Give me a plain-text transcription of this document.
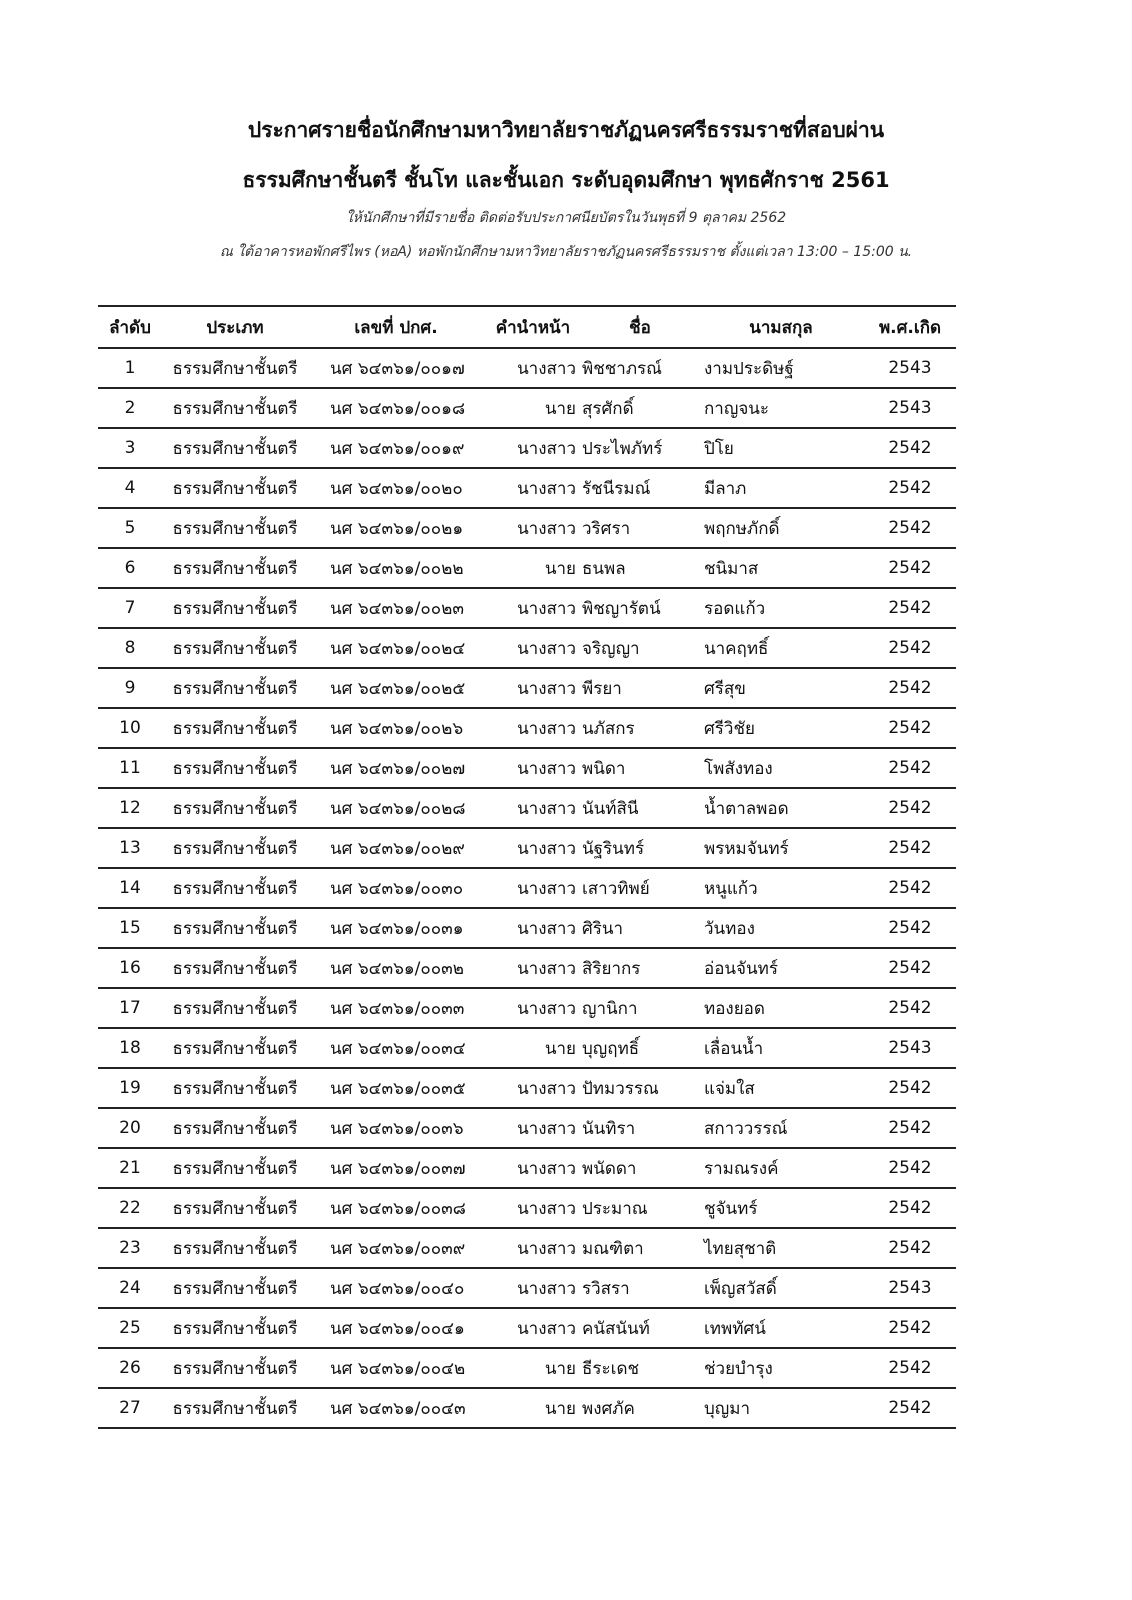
ประกาศรายชื่อนักศึกษามหาวิทยาลัยราชภัฏนครศรีธรรมราชที่สอบผ่าน
ธรรมศึกษาชั้นตรี ชั้นโท และชั้นเอก ระดับอุดมศึกษา พุทธศักราช 2561
ให้นักศึกษาที่มีรายชื่อ ติดต่อรับประกาศนียบัตรในวันพุธที่ 9 ตุลาคม 2562
ณ ใต้อาคารหอพักศรีไพร (หอA) หอพักนักศึกษามหาวิทยาลัยราชภัฏนครศรีธรรมราช ตั้งแต่เวลา 13:00 – 15:00 น.
ลำดับ	ประเภท	เลขที่ ปกศ.	คำนำหน้า	ชื่อ	นามสกุล	พ.ศ.เกิด
1	ธรรมศึกษาชั้นตรี	นศ ๖๔๓๖๑/๐๐๑๗	นางสาว พิชชาภรณ์	งามประดิษฐ์	2543
2	ธรรมศึกษาชั้นตรี	นศ ๖๔๓๖๑/๐๐๑๘	นาย สุรศักดิ์	กาญจนะ	2543
3	ธรรมศึกษาชั้นตรี	นศ ๖๔๓๖๑/๐๐๑๙	นางสาว ประไพภัทร์	ปิโย	2542
4	ธรรมศึกษาชั้นตรี	นศ ๖๔๓๖๑/๐๐๒๐	นางสาว รัชนีรมณ์	มีลาภ	2542
5	ธรรมศึกษาชั้นตรี	นศ ๖๔๓๖๑/๐๐๒๑	นางสาว วริศรา	พฤกษภักดิ์	2542
6	ธรรมศึกษาชั้นตรี	นศ ๖๔๓๖๑/๐๐๒๒	นาย ธนพล	ชนิมาส	2542
7	ธรรมศึกษาชั้นตรี	นศ ๖๔๓๖๑/๐๐๒๓	นางสาว พิชญารัตน์	รอดแก้ว	2542
8	ธรรมศึกษาชั้นตรี	นศ ๖๔๓๖๑/๐๐๒๔	นางสาว จริญญา	นาคฤทธิ์	2542
9	ธรรมศึกษาชั้นตรี	นศ ๖๔๓๖๑/๐๐๒๕	นางสาว พีรยา	ศรีสุข	2542
10	ธรรมศึกษาชั้นตรี	นศ ๖๔๓๖๑/๐๐๒๖	นางสาว นภัสกร	ศรีวิชัย	2542
11	ธรรมศึกษาชั้นตรี	นศ ๖๔๓๖๑/๐๐๒๗	นางสาว พนิดา	โพสังทอง	2542
12	ธรรมศึกษาชั้นตรี	นศ ๖๔๓๖๑/๐๐๒๘	นางสาว นันท์สินี	น้ำตาลพอด	2542
13	ธรรมศึกษาชั้นตรี	นศ ๖๔๓๖๑/๐๐๒๙	นางสาว นัฐรินทร์	พรหมจันทร์	2542
14	ธรรมศึกษาชั้นตรี	นศ ๖๔๓๖๑/๐๐๓๐	นางสาว เสาวทิพย์	หนูแก้ว	2542
15	ธรรมศึกษาชั้นตรี	นศ ๖๔๓๖๑/๐๐๓๑	นางสาว ศิรินา	วันทอง	2542
16	ธรรมศึกษาชั้นตรี	นศ ๖๔๓๖๑/๐๐๓๒	นางสาว สิริยากร	อ่อนจันทร์	2542
17	ธรรมศึกษาชั้นตรี	นศ ๖๔๓๖๑/๐๐๓๓	นางสาว ญานิกา	ทองยอด	2542
18	ธรรมศึกษาชั้นตรี	นศ ๖๔๓๖๑/๐๐๓๔	นาย บุญฤทธิ์	เลื่อนน้ำ	2543
19	ธรรมศึกษาชั้นตรี	นศ ๖๔๓๖๑/๐๐๓๕	นางสาว ปัทมวรรณ	แจ่มใส	2542
20	ธรรมศึกษาชั้นตรี	นศ ๖๔๓๖๑/๐๐๓๖	นางสาว นันทิรา	สกาววรรณ์	2542
21	ธรรมศึกษาชั้นตรี	นศ ๖๔๓๖๑/๐๐๓๗	นางสาว พนัดดา	รามณรงค์	2542
22	ธรรมศึกษาชั้นตรี	นศ ๖๔๓๖๑/๐๐๓๘	นางสาว ประมาณ	ชูจันทร์	2542
23	ธรรมศึกษาชั้นตรี	นศ ๖๔๓๖๑/๐๐๓๙	นางสาว มณฑิตา	ไทยสุชาติ	2542
24	ธรรมศึกษาชั้นตรี	นศ ๖๔๓๖๑/๐๐๔๐	นางสาว รวิสรา	เพ็ญสวัสดิ์	2543
25	ธรรมศึกษาชั้นตรี	นศ ๖๔๓๖๑/๐๐๔๑	นางสาว คนัสนันท์	เทพทัศน์	2542
26	ธรรมศึกษาชั้นตรี	นศ ๖๔๓๖๑/๐๐๔๒	นาย ธีระเดช	ช่วยบำรุง	2542
27	ธรรมศึกษาชั้นตรี	นศ ๖๔๓๖๑/๐๐๔๓	นาย พงศภัค	บุญมา	2542
